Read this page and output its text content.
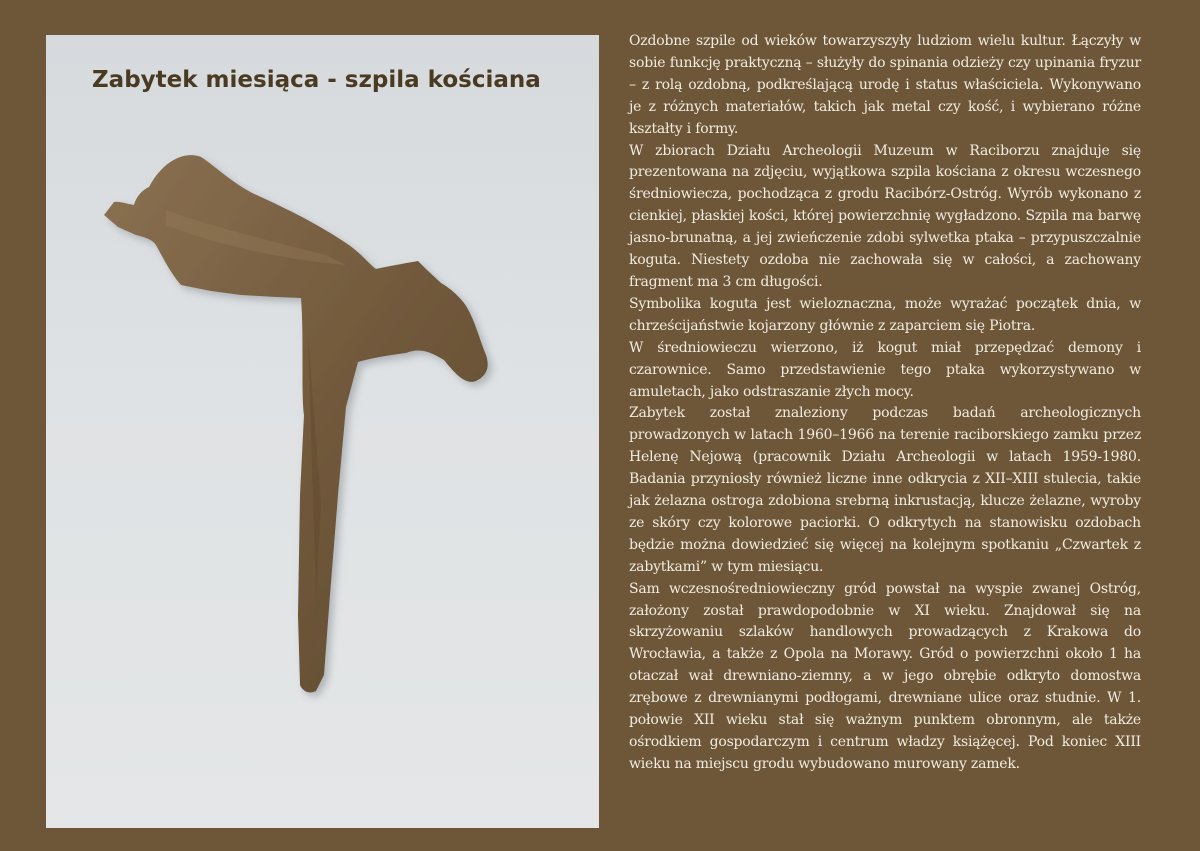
Zabytek miesiąca - szpila kościana

Ozdobne szpile od wieków towarzyszyły ludziom wielu kultur. Łączyły w sobie funkcję praktyczną – służyły do spinania odzieży czy upinania fryzur – z rolą ozdobną, podkreślającą urodę i status właściciela. Wykonywano je z różnych materiałów, takich jak metal czy kość, i wybierano różne kształty i formy.

W zbiorach Działu Archeologii Muzeum w Raciborzu znajduje się prezentowana na zdjęciu, wyjątkowa szpila kościana z okresu wczesnego średniowiecza, pochodząca z grodu Racibórz-Ostróg. Wyrób wykonano z cienkiej, płaskiej kości, której powierzchnię wygładzono. Szpila ma barwę jasno-brunatną, a jej zwieńczenie zdobi sylwetka ptaka – przypuszczalnie koguta. Niestety ozdoba nie zachowała się w całości, a zachowany fragment ma 3 cm długości.

Symbolika koguta jest wieloznaczna, może wyrażać początek dnia, w chrześcijaństwie kojarzony głównie z zaparciem się Piotra.

W średniowieczu wierzono, iż kogut miał przepędzać demony i czarownice. Samo przedstawienie tego ptaka wykorzystywano w amuletach, jako odstraszanie złych mocy.

Zabytek został znaleziony podczas badań archeologicznych prowadzonych w latach 1960–1966 na terenie raciborskiego zamku przez Helenę Nejową (pracownik Działu Archeologii w latach 1959-1980. Badania przyniosły również liczne inne odkrycia z XII–XIII stulecia, takie jak żelazna ostroga zdobiona srebrną inkrustacją, klucze żelazne, wyroby ze skóry czy kolorowe paciorki. O odkrytych na stanowisku ozdobach będzie można dowiedzieć się więcej na kolejnym spotkaniu „Czwartek z zabytkami” w tym miesiącu.

Sam wczesnośredniowieczny gród powstał na wyspie zwanej Ostróg, założony został prawdopodobnie w XI wieku. Znajdował się na skrzyżowaniu szlaków handlowych prowadzących z Krakowa do Wrocławia, a także z Opola na Morawy. Gród o powierzchni około 1 ha otaczał wał drewniano-ziemny, a w jego obrębie odkryto domostwa zrębowe z drewnianymi podłogami, drewniane ulice oraz studnie. W 1. połowie XII wieku stał się ważnym punktem obronnym, ale także ośrodkiem gospodarczym i centrum władzy książęcej. Pod koniec XIII wieku na miejscu grodu wybudowano murowany zamek.
